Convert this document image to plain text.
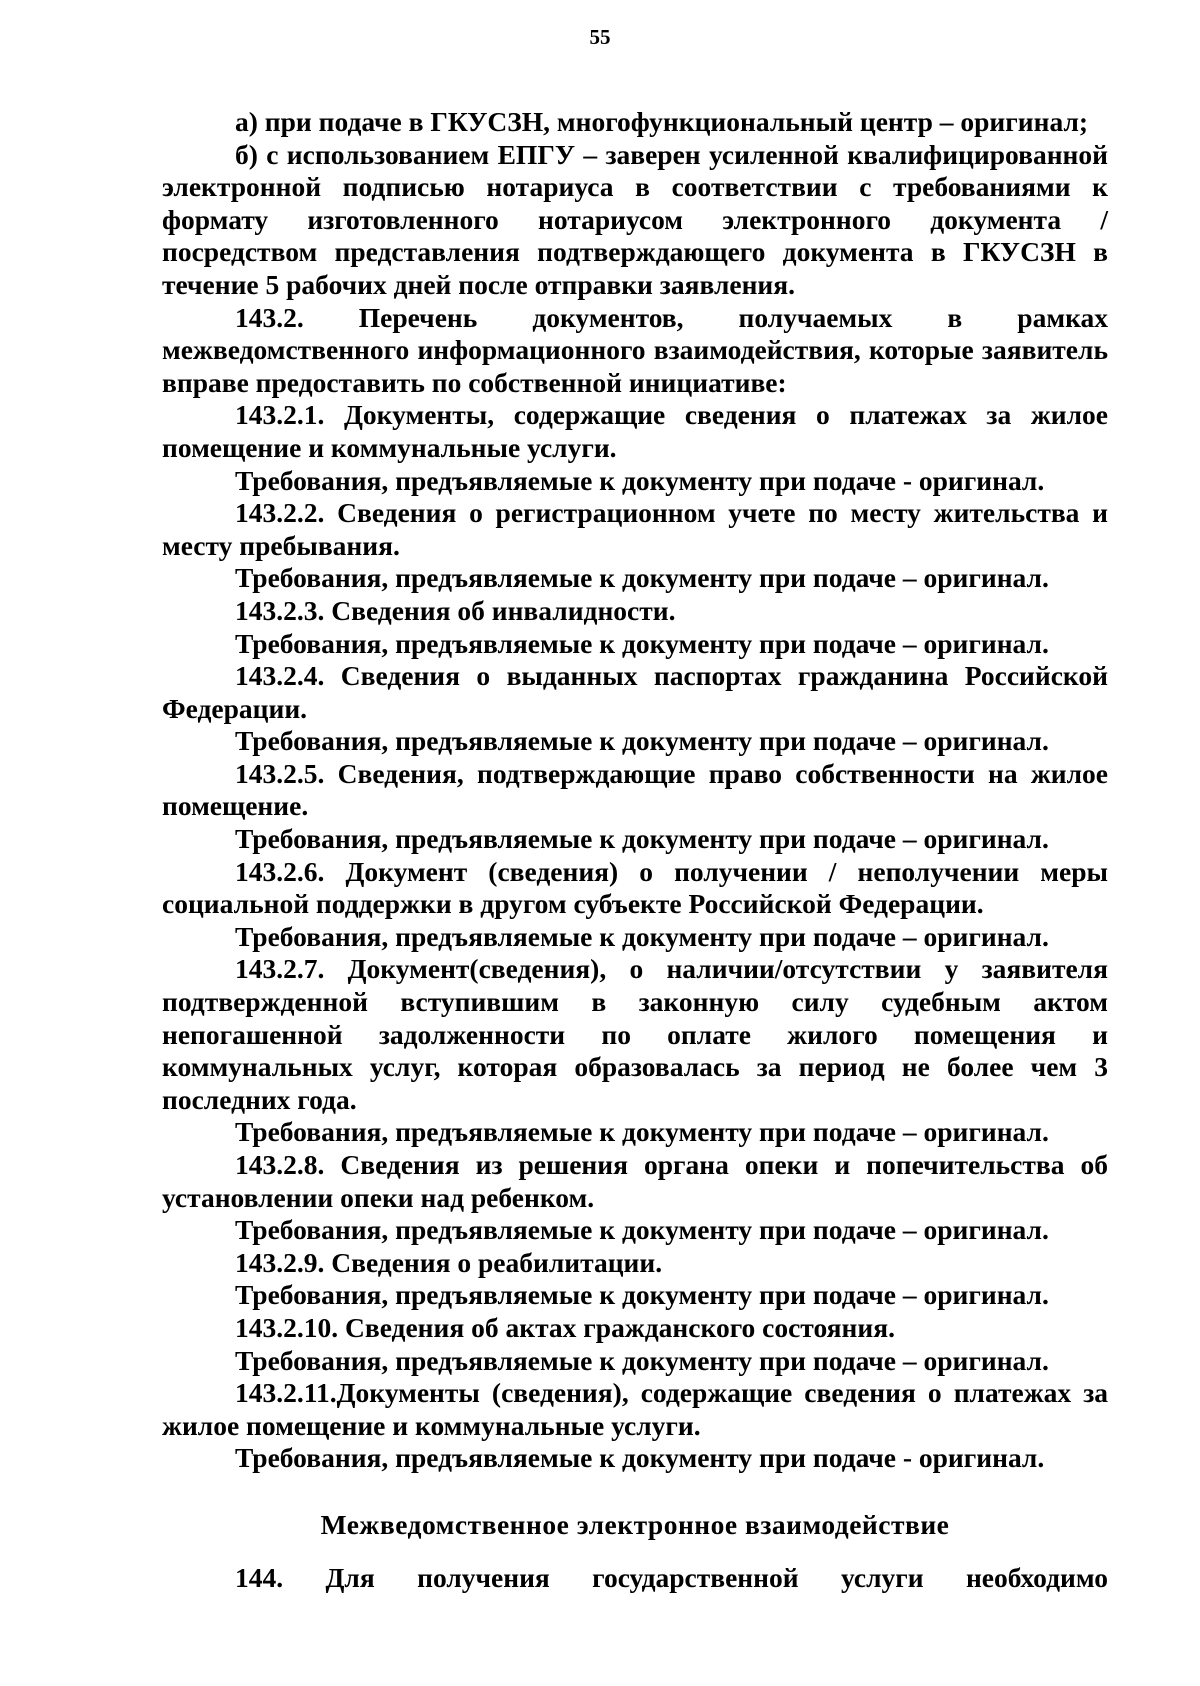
55

а) при подаче в ГКУСЗН, многофункциональный центр – оригинал;

б) с использованием ЕПГУ – заверен усиленной квалифицированной электронной подписью нотариуса в соответствии с требованиями к формату изготовленного нотариусом электронного документа / посредством представления подтверждающего документа в ГКУСЗН в течение 5 рабочих дней после отправки заявления.

143.2. Перечень документов, получаемых в рамках межведомственного информационного взаимодействия, которые заявитель вправе предоставить по собственной инициативе:

143.2.1. Документы, содержащие сведения о платежах за жилое помещение и коммунальные услуги.

Требования, предъявляемые к документу при подаче - оригинал.

143.2.2. Сведения о регистрационном учете по месту жительства и месту пребывания.

Требования, предъявляемые к документу при подаче – оригинал.

143.2.3. Сведения об инвалидности.

Требования, предъявляемые к документу при подаче – оригинал.

143.2.4. Сведения о выданных паспортах гражданина Российской Федерации.

Требования, предъявляемые к документу при подаче – оригинал.

143.2.5. Сведения, подтверждающие право собственности на жилое помещение.

Требования, предъявляемые к документу при подаче – оригинал.

143.2.6. Документ (сведения) о получении / неполучении меры социальной поддержки в другом субъекте Российской Федерации.

Требования, предъявляемые к документу при подаче – оригинал.

143.2.7. Документ(сведения), о наличии/отсутствии у заявителя подтвержденной вступившим в законную силу судебным актом непогашенной задолженности по оплате жилого помещения и коммунальных услуг, которая образовалась за период не более чем 3 последних года.

Требования, предъявляемые к документу при подаче – оригинал.

143.2.8. Сведения из решения органа опеки и попечительства об установлении опеки над ребенком.

Требования, предъявляемые к документу при подаче – оригинал.

143.2.9. Сведения о реабилитации.

Требования, предъявляемые к документу при подаче – оригинал.

143.2.10. Сведения об актах гражданского состояния.

Требования, предъявляемые к документу при подаче – оригинал.

143.2.11.Документы (сведения), содержащие сведения о платежах за жилое помещение и коммунальные услуги.

Требования, предъявляемые к документу при подаче - оригинал.

Межведомственное электронное взаимодействие

144. Для получения государственной услуги необходимо
